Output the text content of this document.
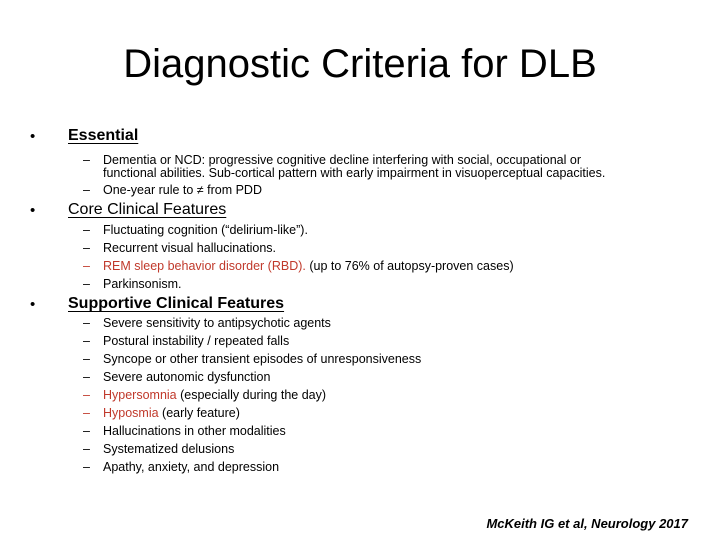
Diagnostic Criteria for DLB
• Essential
– Dementia or NCD: progressive cognitive decline interfering with social, occupational or
functional abilities. Sub-cortical pattern with early impairment in visuoperceptual capacities.
– One-year rule to ≠ from PDD
• Core Clinical Features
– Fluctuating cognition (“delirium-like”).
– Recurrent visual hallucinations.
– REM sleep behavior disorder (RBD). (up to 76% of autopsy-proven cases)
– Parkinsonism.
• Supportive Clinical Features
– Severe sensitivity to antipsychotic agents
– Postural instability / repeated falls
– Syncope or other transient episodes of unresponsiveness
– Severe autonomic dysfunction
– Hypersomnia (especially during the day)
– Hyposmia (early feature)
– Hallucinations in other modalities
– Systematized delusions
– Apathy, anxiety, and depression
McKeith IG et al, Neurology 2017
